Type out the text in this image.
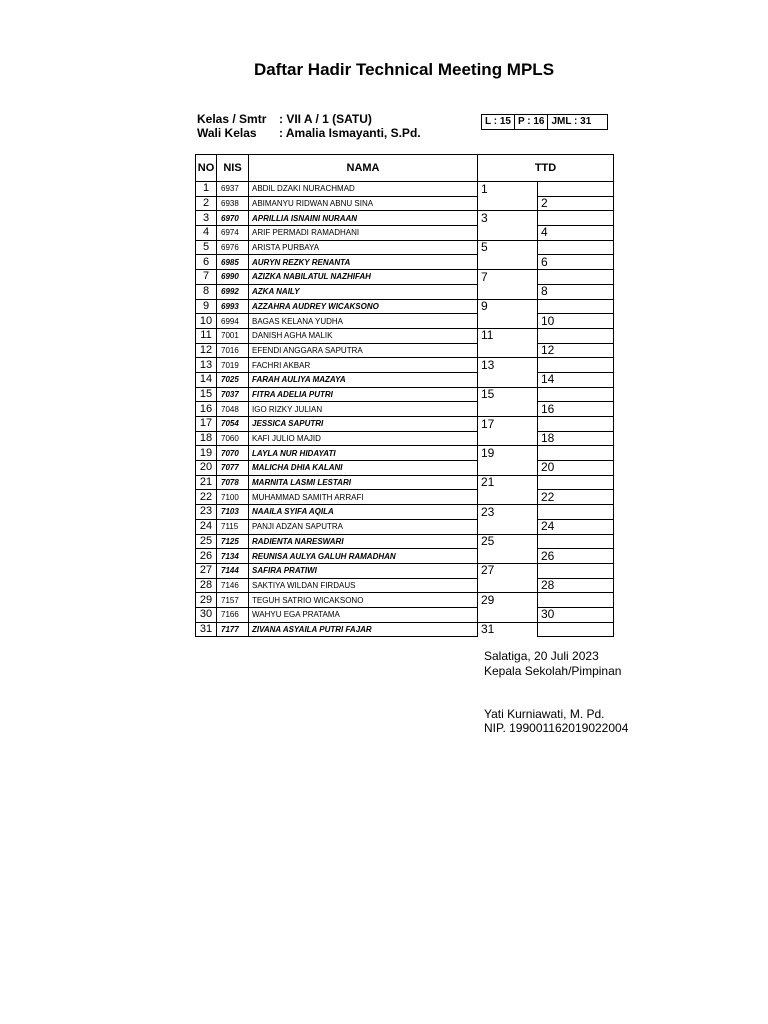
Daftar Hadir Technical Meeting MPLS
Kelas / Smtr : VII A / 1 (SATU)
Wali Kelas : Amalia Ismayanti, S.Pd.
L : 15 P : 16 JML : 31
NO	NIS	NAMA	TTD	
1	6937	ABDIL DZAKI NURACHMAD	1	
2	6938	ABIMANYU RIDWAN ABNU SINA		2
3	6970	APRILLIA ISNAINI NURAAN	3	
4	6974	ARIF PERMADI RAMADHANI		4
5	6976	ARISTA PURBAYA	5	
6	6985	AURYN REZKY RENANTA		6
7	6990	AZIZKA NABILATUL NAZHIFAH	7	
8	6992	AZKA NAILY		8
9	6993	AZZAHRA AUDREY WICAKSONO	9	
10	6994	BAGAS KELANA YUDHA		10
11	7001	DANISH AGHA MALIK	11	
12	7016	EFENDI ANGGARA SAPUTRA		12
13	7019	FACHRI AKBAR	13	
14	7025	FARAH AULIYA MAZAYA		14
15	7037	FITRA ADELIA PUTRI	15	
16	7048	IGO RIZKY JULIAN		16
17	7054	JESSICA SAPUTRI	17	
18	7060	KAFI JULIO MAJID		18
19	7070	LAYLA NUR HIDAYATI	19	
20	7077	MALICHA DHIA KALANI		20
21	7078	MARNITA LASMI LESTARI	21	
22	7100	MUHAMMAD SAMITH ARRAFI		22
23	7103	NAAILA SYIFA AQILA	23	
24	7115	PANJI ADZAN SAPUTRA		24
25	7125	RADIENTA NARESWARI	25	
26	7134	REUNISA AULYA GALUH RAMADHAN		26
27	7144	SAFIRA PRATIWI	27	
28	7146	SAKTIYA WILDAN FIRDAUS		28
29	7157	TEGUH SATRIO WICAKSONO	29	
30	7166	WAHYU EGA PRATAMA		30
31	7177	ZIVANA ASYAILA PUTRI FAJAR	31	
Salatiga, 20 Juli 2023
Kepala Sekolah/Pimpinan
Yati Kurniawati, M. Pd.
NIP. 199001162019022004
